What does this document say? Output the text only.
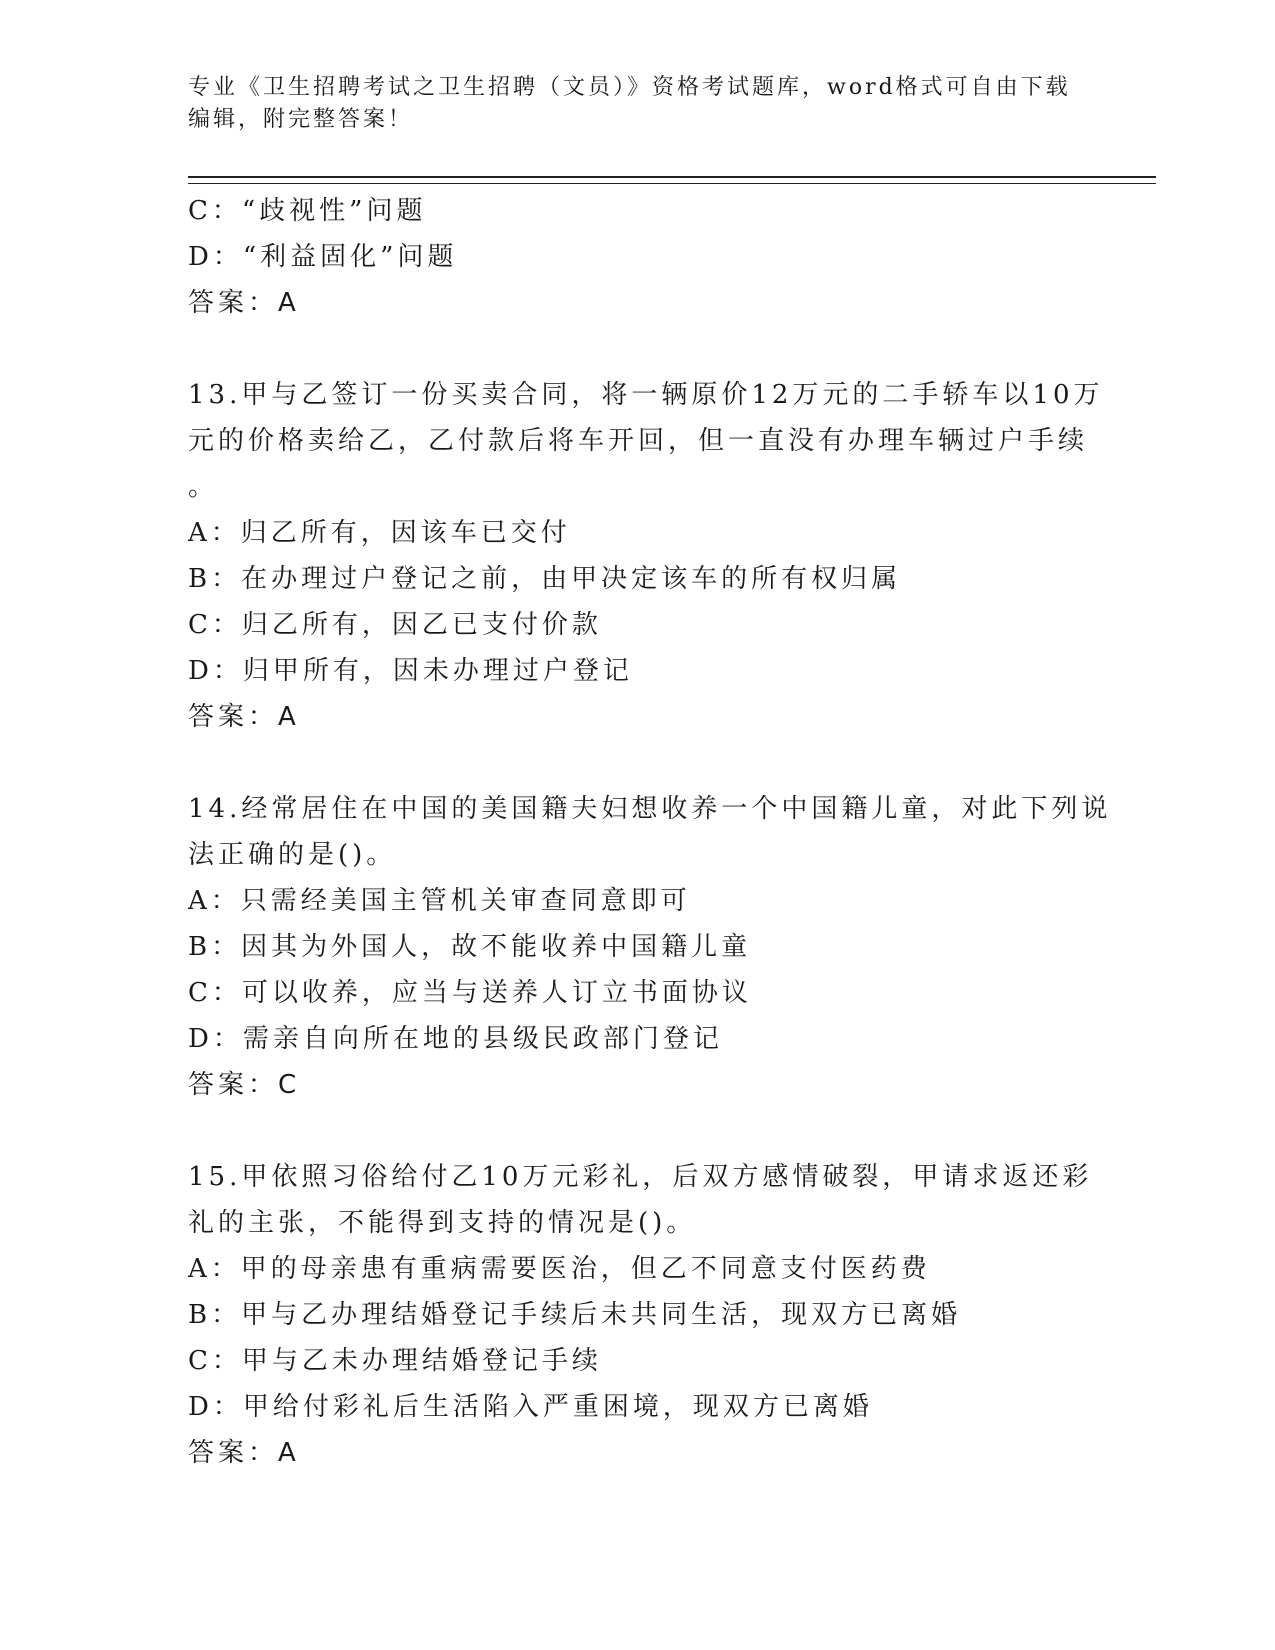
专业《卫生招聘考试之卫生招聘（文员）》资格考试题库，word格式可自由下载
编辑，附完整答案！
C：“歧视性”问题
D：“利益固化”问题
答案：A
13.甲与乙签订一份买卖合同，将一辆原价12万元的二手轿车以10万
元的价格卖给乙，乙付款后将车开回，但一直没有办理车辆过户手续
。
A：归乙所有，因该车已交付
B：在办理过户登记之前，由甲决定该车的所有权归属
C：归乙所有，因乙已支付价款
D：归甲所有，因未办理过户登记
答案：A
14.经常居住在中国的美国籍夫妇想收养一个中国籍儿童，对此下列说
法正确的是()。
A：只需经美国主管机关审查同意即可
B：因其为外国人，故不能收养中国籍儿童
C：可以收养，应当与送养人订立书面协议
D：需亲自向所在地的县级民政部门登记
答案：C
15.甲依照习俗给付乙10万元彩礼，后双方感情破裂，甲请求返还彩
礼的主张，不能得到支持的情况是()。
A：甲的母亲患有重病需要医治，但乙不同意支付医药费
B：甲与乙办理结婚登记手续后未共同生活，现双方已离婚
C：甲与乙未办理结婚登记手续
D：甲给付彩礼后生活陷入严重困境，现双方已离婚
答案：A
